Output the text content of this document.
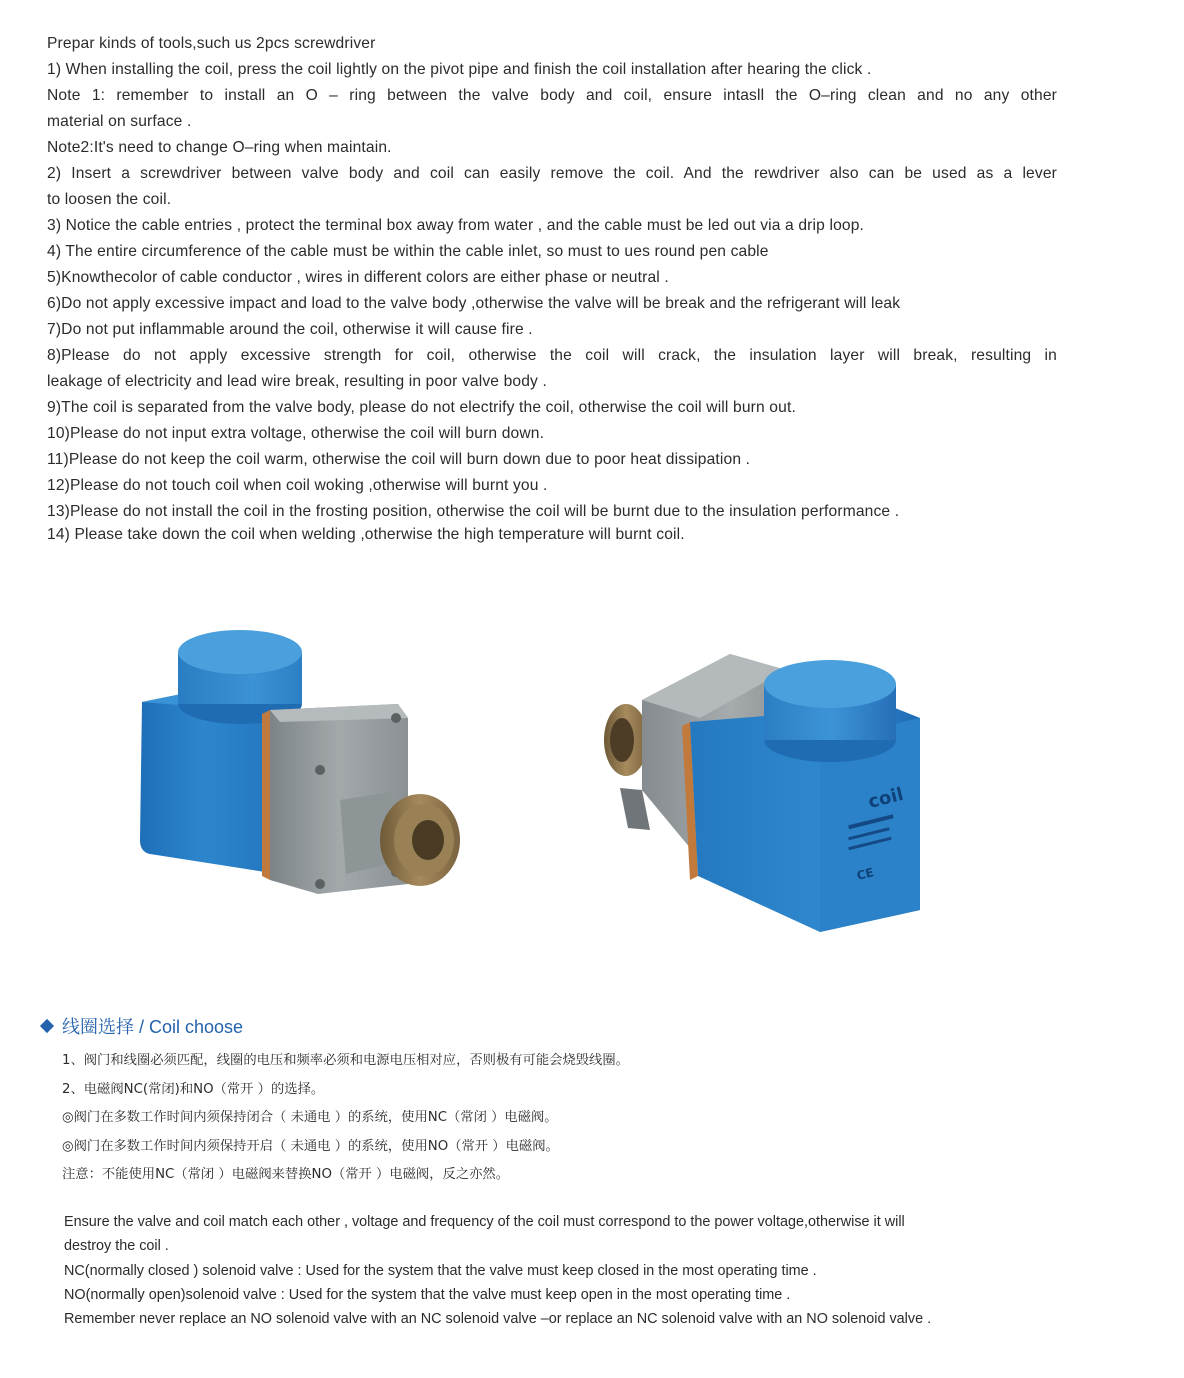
Prepar kinds of tools,such us 2pcs screwdriver

1) When installing the coil, press the coil lightly on the pivot pipe and finish the coil installation after hearing the click .

Note 1: remember to install an O – ring between the valve body and coil, ensure intasll the O–ring clean and no any other

material on surface .

Note2:It's need to change O–ring when maintain.

2) Insert a screwdriver between valve body and coil can easily remove the coil. And the rewdriver also can be used as a lever

to loosen the coil.

3) Notice the cable entries , protect the terminal box away from water , and the cable must be led out via a drip loop.

4) The entire circumference of the cable must be within the cable inlet, so must to ues round pen cable

5)Knowthecolor of cable conductor , wires in different colors are either phase or neutral .

6)Do not apply excessive impact and load to the valve body ,otherwise the valve will be break and the refrigerant will leak

7)Do not put inflammable around the coil, otherwise it will cause fire .

8)Please do not apply excessive strength for coil, otherwise the coil will crack, the insulation layer will break, resulting in

leakage of electricity and lead wire break, resulting in poor valve body .

9)The coil is separated from the valve body, please do not electrify the coil, otherwise the coil will burn out.

10)Please do not input extra voltage, otherwise the coil will burn down.

11)Please do not keep the coil warm, otherwise the coil will burn down due to poor heat dissipation .

12)Please do not touch coil when coil woking ,otherwise will burnt you .

13)Please do not install the coil in the frosting position, otherwise the coil will be burnt due to the insulation performance .

14) Please take down the coil when welding ,otherwise the high temperature will burnt coil.

coil
CE
线圈选择 / Coil choose

1、阀门和线圈必须匹配，线圈的电压和频率必须和电源电压相对应，否则极有可能会烧毁线圈。

2、电磁阀NC(常闭)和NO（常开 ）的选择。

◎阀门在多数工作时间内须保持闭合（ 未通电 ）的系统，使用NC（常闭 ）电磁阀。

◎阀门在多数工作时间内须保持开启（ 未通电 ）的系统，使用NO（常开 ）电磁阀。

注意：不能使用NC（常闭 ）电磁阀来替换NO（常开 ）电磁阀，反之亦然。

Ensure the valve and coil match each other , voltage and frequency of the coil must correspond to the power voltage,otherwise it will

destroy the coil .

NC(normally closed ) solenoid valve : Used for the system that the valve must keep closed in the most operating time .

NO(normally open)solenoid valve : Used for the system that the valve must keep open in the most operating time .

Remember never replace an NO solenoid valve with an NC solenoid valve –or replace an NC solenoid valve with an NO solenoid valve .
